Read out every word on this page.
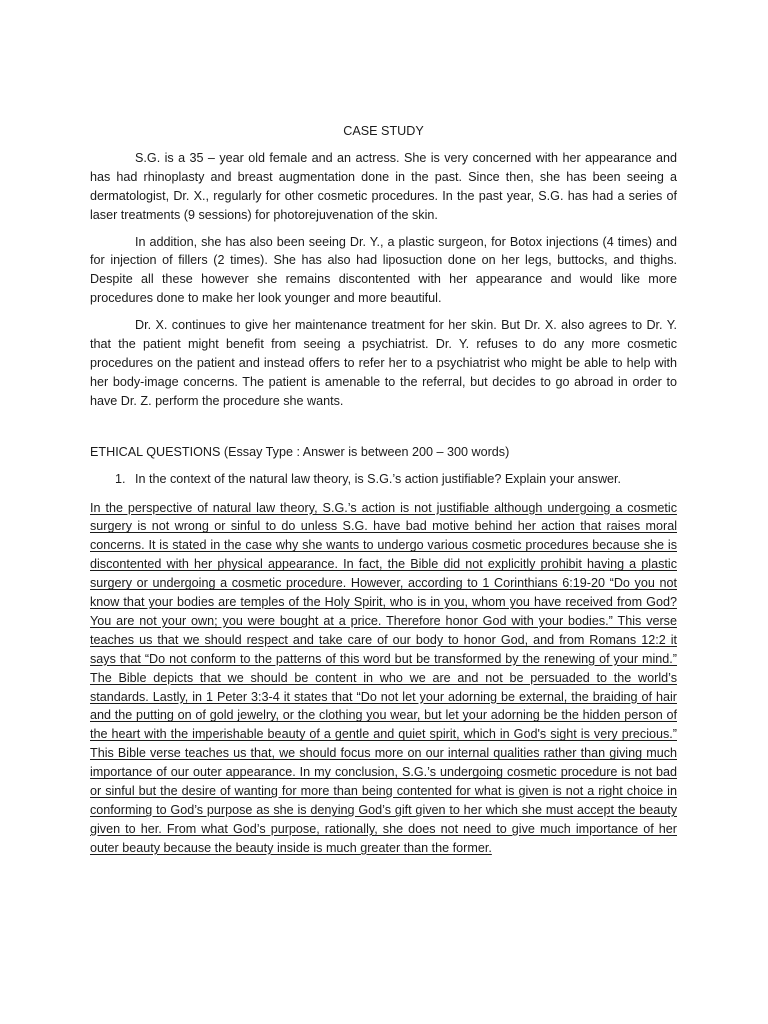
CASE STUDY

S.G. is a 35 – year old female and an actress. She is very concerned with her appearance and has had rhinoplasty and breast augmentation done in the past. Since then, she has been seeing a dermatologist, Dr. X., regularly for other cosmetic procedures. In the past year, S.G. has had a series of laser treatments (9 sessions) for photorejuvenation of the skin.

In addition, she has also been seeing Dr. Y., a plastic surgeon, for Botox injections (4 times) and for injection of fillers (2 times). She has also had liposuction done on her legs, buttocks, and thighs. Despite all these however she remains discontented with her appearance and would like more procedures done to make her look younger and more beautiful.

Dr. X. continues to give her maintenance treatment for her skin. But Dr. X. also agrees to Dr. Y. that the patient might benefit from seeing a psychiatrist. Dr. Y. refuses to do any more cosmetic procedures on the patient and instead offers to refer her to a psychiatrist who might be able to help with her body-image concerns. The patient is amenable to the referral, but decides to go abroad in order to have Dr. Z. perform the procedure she wants.

ETHICAL QUESTIONS (Essay Type : Answer is between 200 – 300 words)
1. In the context of the natural law theory, is S.G.’s action justifiable? Explain your answer.

In the perspective of natural law theory, S.G.’s action is not justifiable although undergoing a cosmetic surgery is not wrong or sinful to do unless S.G. have bad motive behind her action that raises moral concerns. It is stated in the case why she wants to undergo various cosmetic procedures because she is discontented with her physical appearance. In fact, the Bible did not explicitly prohibit having a plastic surgery or undergoing a cosmetic procedure. However, according to 1 Corinthians 6:19-20 “Do you not know that your bodies are temples of the Holy Spirit, who is in you, whom you have received from God? You are not your own; you were bought at a price. Therefore honor God with your bodies.” This verse teaches us that we should respect and take care of our body to honor God, and from Romans 12:2 it says that “Do not conform to the patterns of this word but be transformed by the renewing of your mind.” The Bible depicts that we should be content in who we are and not be persuaded to the world’s standards. Lastly, in 1 Peter 3:3-4 it states that “Do not let your adorning be external, the braiding of hair and the putting on of gold jewelry, or the clothing you wear, but let your adorning be the hidden person of the heart with the imperishable beauty of a gentle and quiet spirit, which in God's sight is very precious.” This Bible verse teaches us that, we should focus more on our internal qualities rather than giving much importance of our outer appearance. In my conclusion, S.G.’s undergoing cosmetic procedure is not bad or sinful but the desire of wanting for more than being contented for what is given is not a right choice in conforming to God’s purpose as she is denying God’s gift given to her which she must accept the beauty given to her. From what God’s purpose, rationally, she does not need to give much importance of her outer beauty because the beauty inside is much greater than the former.
